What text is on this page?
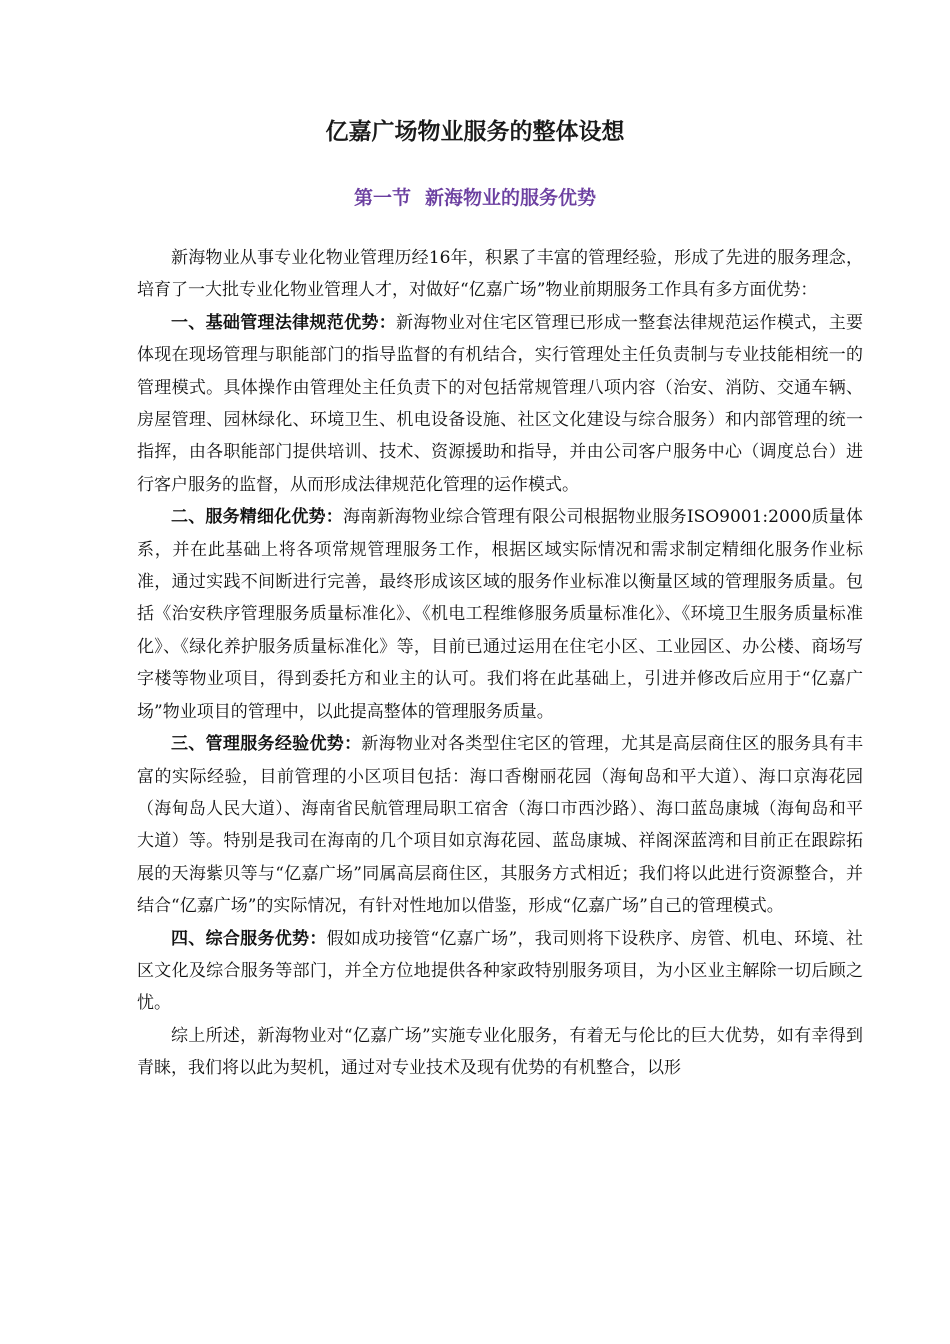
亿嘉广场物业服务的整体设想
第一节 新海物业的服务优势

新海物业从事专业化物业管理历经16年，积累了丰富的管理经验，形成了先进的服务理念，培育了一大批专业化物业管理人才，对做好“亿嘉广场”物业前期服务工作具有多方面优势：

一、基础管理法律规范优势：新海物业对住宅区管理已形成一整套法律规范运作模式，主要体现在现场管理与职能部门的指导监督的有机结合，实行管理处主任负责制与专业技能相统一的管理模式。具体操作由管理处主任负责下的对包括常规管理八项内容（治安、消防、交通车辆、房屋管理、园林绿化、环境卫生、机电设备设施、社区文化建设与综合服务）和内部管理的统一指挥，由各职能部门提供培训、技术、资源援助和指导，并由公司客户服务中心（调度总台）进行客户服务的监督，从而形成法律规范化管理的运作模式。

二、服务精细化优势：海南新海物业综合管理有限公司根据物业服务ISO9001:2000质量体系，并在此基础上将各项常规管理服务工作，根据区域实际情况和需求制定精细化服务作业标准，通过实践不间断进行完善，最终形成该区域的服务作业标准以衡量区域的管理服务质量。包括《治安秩序管理服务质量标准化》、《机电工程维修服务质量标准化》、《环境卫生服务质量标准化》、《绿化养护服务质量标准化》等，目前已通过运用在住宅小区、工业园区、办公楼、商场写字楼等物业项目，得到委托方和业主的认可。我们将在此基础上，引进并修改后应用于“亿嘉广场”物业项目的管理中，以此提高整体的管理服务质量。

三、管理服务经验优势：新海物业对各类型住宅区的管理，尤其是高层商住区的服务具有丰富的实际经验，目前管理的小区项目包括：海口香榭丽花园（海甸岛和平大道）、海口京海花园（海甸岛人民大道）、海南省民航管理局职工宿舍（海口市西沙路）、海口蓝岛康城（海甸岛和平大道）等。特别是我司在海南的几个项目如京海花园、蓝岛康城、祥阁深蓝湾和目前正在跟踪拓展的天海紫贝等与“亿嘉广场”同属高层商住区，其服务方式相近；我们将以此进行资源整合，并结合“亿嘉广场”的实际情况，有针对性地加以借鉴，形成“亿嘉广场”自己的管理模式。

四、综合服务优势：假如成功接管“亿嘉广场”，我司则将下设秩序、房管、机电、环境、社区文化及综合服务等部门，并全方位地提供各种家政特别服务项目，为小区业主解除一切后顾之忧。

综上所述，新海物业对“亿嘉广场”实施专业化服务，有着无与伦比的巨大优势，如有幸得到青睐，我们将以此为契机，通过对专业技术及现有优势的有机整合，以形
